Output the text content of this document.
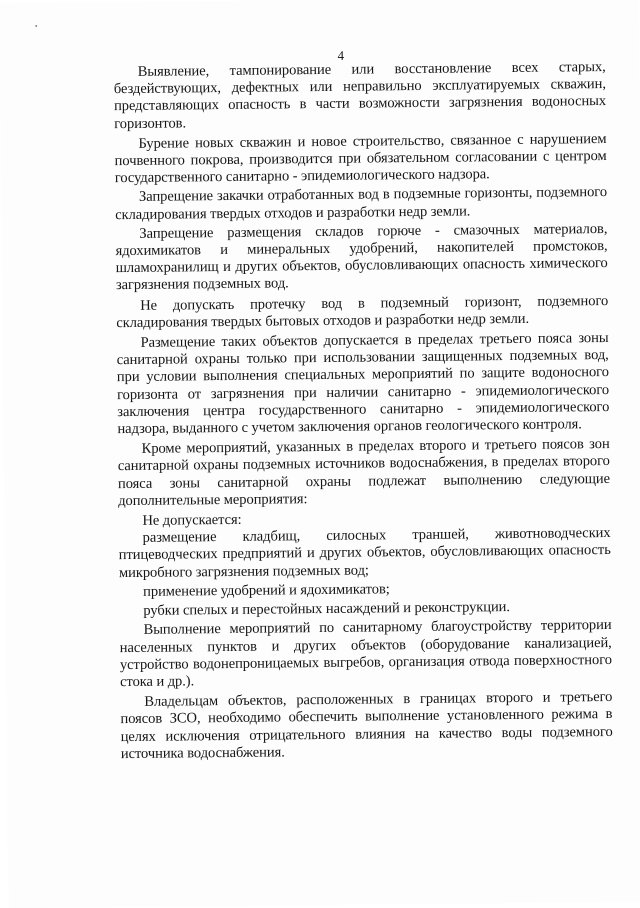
4

Выявление, тампонирование или восстановление всех старых, бездействующих, дефектных или неправильно эксплуатируемых скважин, представляющих опасность в части возможности загрязнения водоносных горизонтов.

Бурение новых скважин и новое строительство, связанное с нарушением почвенного покрова, производится при обязательном согласовании с центром государственного санитарно - эпидемиологического надзора.

Запрещение закачки отработанных вод в подземные горизонты, подземного складирования твердых отходов и разработки недр земли.

Запрещение размещения складов горюче - смазочных материалов, ядохимикатов и минеральных удобрений, накопителей промстоков, шламохранилищ и других объектов, обусловливающих опасность химического загрязнения подземных вод.

Не допускать протечку вод в подземный горизонт, подземного складирования твердых бытовых отходов и разработки недр земли.

Размещение таких объектов допускается в пределах третьего пояса зоны санитарной охраны только при использовании защищенных подземных вод, при условии выполнения специальных мероприятий по защите водоносного горизонта от загрязнения при наличии санитарно - эпидемиологического заключения центра государственного санитарно - эпидемиологического надзора, выданного с учетом заключения органов геологического контроля.

Кроме мероприятий, указанных в пределах второго и третьего поясов зон санитарной охраны подземных источников водоснабжения, в пределах второго пояса зоны санитарной охраны подлежат выполнению следующие дополнительные мероприятия:

Не допускается:

размещение кладбищ, силосных траншей, животноводческих птицеводческих предприятий и других объектов, обусловливающих опасность микробного загрязнения подземных вод;

применение удобрений и ядохимикатов;

рубки спелых и перестойных насаждений и реконструкции.

Выполнение мероприятий по санитарному благоустройству территории населенных пунктов и других объектов (оборудование канализацией, устройство водонепроницаемых выгребов, организация отвода поверхностного стока и др.).

Владельцам объектов, расположенных в границах второго и третьего поясов ЗСО, необходимо обеспечить выполнение установленного режима в целях исключения отрицательного влияния на качество воды подземного источника водоснабжения.
